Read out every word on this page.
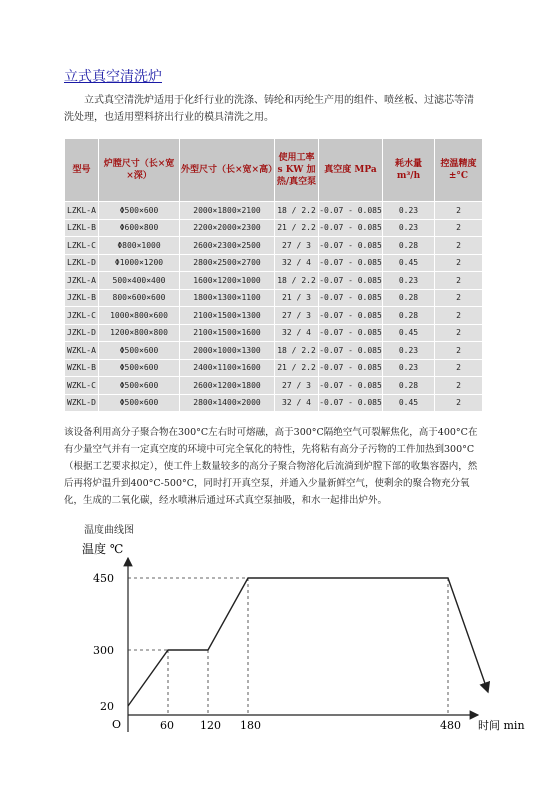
立式真空清洗炉
立式真空清洗炉适用于化纤行业的洗涤、铸纶和丙纶生产用的组件、喷丝板、过滤芯等清洗处理，也适用塑料挤出行业的模具清洗之用。
型号	炉膛尺寸（长×宽×深）	外型尺寸（长×宽×高）	使用工率s KW 加热/真空泵	真空度 MPa	耗水量 m³/h	控温精度 ±°C
LZKL-A	Φ500×600	2000×1800×2100	18 / 2.2	-0.07 - 0.085	0.23	2
LZKL-B	Φ600×800	2200×2000×2300	21 / 2.2	-0.07 - 0.085	0.23	2
LZKL-C	Φ800×1000	2600×2300×2500	27 / 3	-0.07 - 0.085	0.28	2
LZKL-D	Φ1000×1200	2800×2500×2700	32 / 4	-0.07 - 0.085	0.45	2
JZKL-A	500×400×400	1600×1200×1000	18 / 2.2	-0.07 - 0.085	0.23	2
JZKL-B	800×600×600	1800×1300×1100	21 / 3	-0.07 - 0.085	0.28	2
JZKL-C	1000×800×600	2100×1500×1300	27 / 3	-0.07 - 0.085	0.28	2
JZKL-D	1200×800×800	2100×1500×1600	32 / 4	-0.07 - 0.085	0.45	2
WZKL-A	Φ500×600	2000×1000×1300	18 / 2.2	-0.07 - 0.085	0.23	2
WZKL-B	Φ500×600	2400×1100×1600	21 / 2.2	-0.07 - 0.085	0.23	2
WZKL-C	Φ500×600	2600×1200×1800	27 / 3	-0.07 - 0.085	0.28	2
WZKL-D	Φ500×600	2800×1400×2000	32 / 4	-0.07 - 0.085	0.45	2
该设备利用高分子聚合物在300°C左右时可熔融，高于300°C隔绝空气可裂解焦化，高于400°C在有少量空气并有一定真空度的环境中可完全氧化的特性，先将粘有高分子污物的工件加热到300°C（根据工艺要求拟定），使工件上数量较多的高分子聚合物溶化后流淌到炉膛下部的收集容器内，然后再将炉温升到400°C-500°C，同时打开真空泵，并通入少量新鲜空气，使剩余的聚合物充分氧化，生成的二氧化碳，经水喷淋后通过环式真空泵抽吸，和水一起排出炉外。
温度曲线图
60 120 180	480
20
300
450
温度 ℃
时间 min
O
